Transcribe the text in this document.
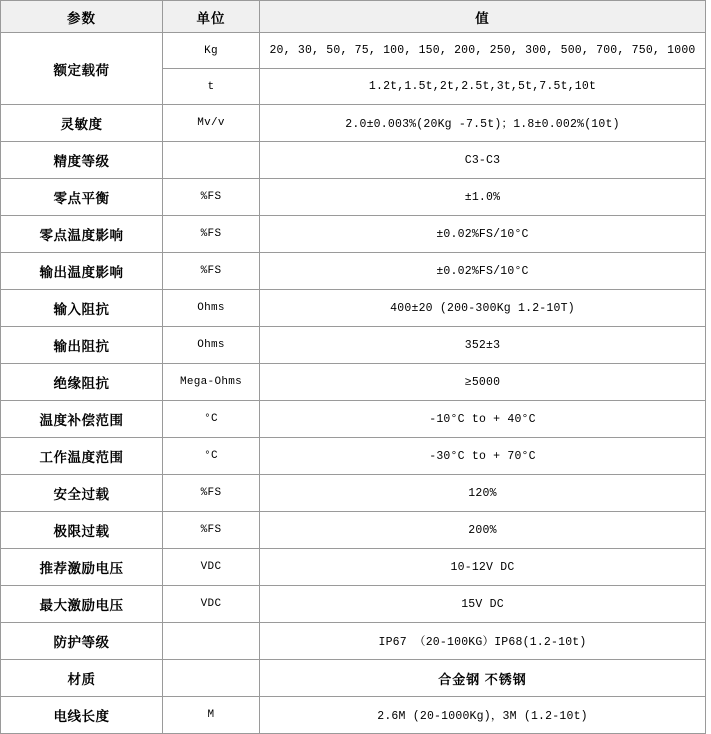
参数	单位	值
额定载荷	Kg	20, 30, 50, 75, 100, 150, 200, 250, 300, 500, 700, 750, 1000
	t	1.2t,1.5t,2t,2.5t,3t,5t,7.5t,10t
灵敏度	Mv/v	2.0±0.003%(20Kg -7.5t)；1.8±0.002%(10t)
精度等级		C3-C3
零点平衡	%FS	±1.0%
零点温度影响	%FS	±0.02%FS/10°C
输出温度影响	%FS	±0.02%FS/10°C
输入阻抗	Ohms	400±20 (200-300Kg 1.2-10T)
输出阻抗	Ohms	352±3
绝缘阻抗	Mega-Ohms	≥5000
温度补偿范围	°C	-10°C to + 40°C
工作温度范围	°C	-30°C to + 70°C
安全过载	%FS	120%
极限过载	%FS	200%
推荐激励电压	VDC	10-12V DC
最大激励电压	VDC	15V DC
防护等级		IP67 （20-100KG）IP68(1.2-10t)
材质		合金钢 不锈钢
电线长度	M	2.6M (20-1000Kg)，3M (1.2-10t)
